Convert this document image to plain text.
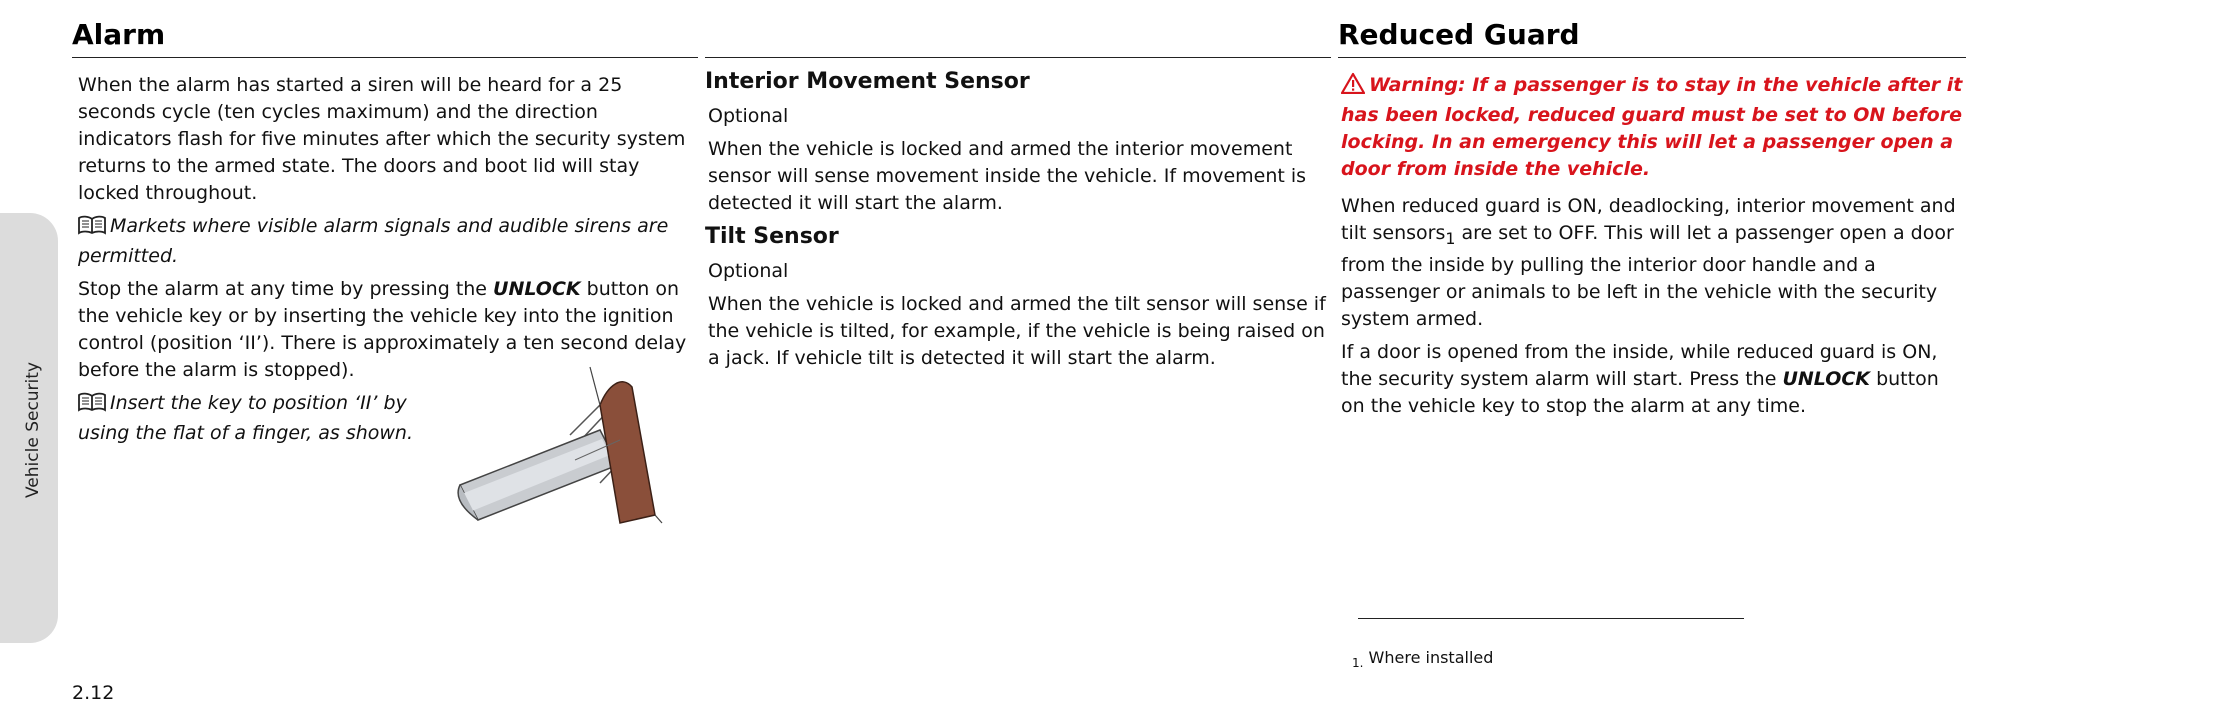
Vehicle Security
Alarm	Reduced Guard

When the alarm has started a siren will be heard for a 25 seconds cycle (ten cycles maximum) and the direction indicators flash for five minutes after which the security system returns to the armed state. The doors and boot lid will stay locked throughout.

Markets where visible alarm signals and audible sirens are permitted.

Stop the alarm at any time by pressing the UNLOCK button on the vehicle key or by inserting the vehicle key into the ignition control (position ‘II’). There is approximately a ten second delay before the alarm is stopped).

Insert the key to position ‘II’ by using the flat of a finger, as shown.

Interior Movement Sensor

Optional

When the vehicle is locked and armed the interior movement sensor will sense movement inside the vehicle. If movement is detected it will start the alarm.

Tilt Sensor

Optional

When the vehicle is locked and armed the tilt sensor will sense if the vehicle is tilted, for example, if the vehicle is being raised on a jack. If vehicle tilt is detected it will start the alarm.

Warning: If a passenger is to stay in the vehicle after it has been locked, reduced guard must be set to ON before locking. In an emergency this will let a passenger open a door from inside the vehicle.

When reduced guard is ON, deadlocking, interior movement and tilt sensors$_1$ are set to OFF. This will let a passenger open a door from the inside by pulling the interior door handle and a passenger or animals to be left in the vehicle with the security system armed.

If a door is opened from the inside, while reduced guard is ON, the security system alarm will start. Press the UNLOCK button on the vehicle key to stop the alarm at any time.

$_{1.}$ Where installed
2.12
